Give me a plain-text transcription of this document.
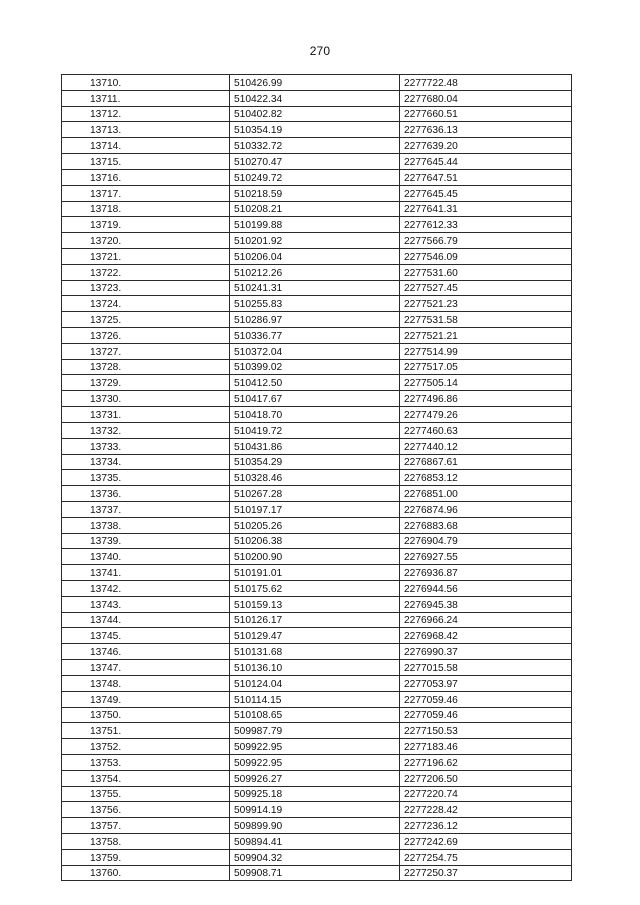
270
13710.	510426.99	2277722.48
13711.	510422.34	2277680.04
13712.	510402.82	2277660.51
13713.	510354.19	2277636.13
13714.	510332.72	2277639.20
13715.	510270.47	2277645.44
13716.	510249.72	2277647.51
13717.	510218.59	2277645.45
13718.	510208.21	2277641.31
13719.	510199.88	2277612.33
13720.	510201.92	2277566.79
13721.	510206.04	2277546.09
13722.	510212.26	2277531.60
13723.	510241.31	2277527.45
13724.	510255.83	2277521.23
13725.	510286.97	2277531.58
13726.	510336.77	2277521.21
13727.	510372.04	2277514.99
13728.	510399.02	2277517.05
13729.	510412.50	2277505.14
13730.	510417.67	2277496.86
13731.	510418.70	2277479.26
13732.	510419.72	2277460.63
13733.	510431.86	2277440.12
13734.	510354.29	2276867.61
13735.	510328.46	2276853.12
13736.	510267.28	2276851.00
13737.	510197.17	2276874.96
13738.	510205.26	2276883.68
13739.	510206.38	2276904.79
13740.	510200.90	2276927.55
13741.	510191.01	2276936.87
13742.	510175.62	2276944.56
13743.	510159.13	2276945.38
13744.	510126.17	2276966.24
13745.	510129.47	2276968.42
13746.	510131.68	2276990.37
13747.	510136.10	2277015.58
13748.	510124.04	2277053.97
13749.	510114.15	2277059.46
13750.	510108.65	2277059.46
13751.	509987.79	2277150.53
13752.	509922.95	2277183.46
13753.	509922.95	2277196.62
13754.	509926.27	2277206.50
13755.	509925.18	2277220.74
13756.	509914.19	2277228.42
13757.	509899.90	2277236.12
13758.	509894.41	2277242.69
13759.	509904.32	2277254.75
13760.	509908.71	2277250.37
